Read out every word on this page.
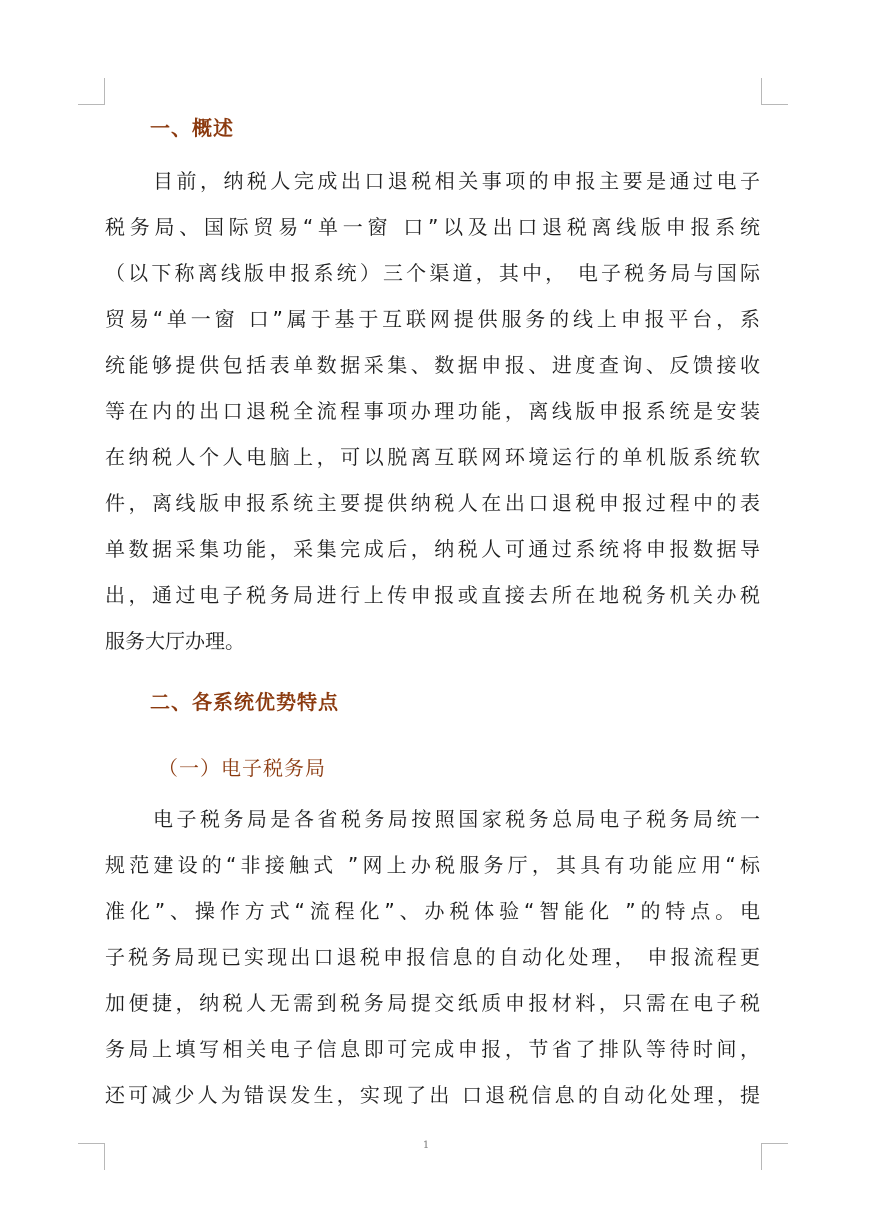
一、概述
目前，纳税人完成出口退税相关事项的申报主要是通过电子
税务局、国际贸易“单一窗 口”以及出口退税离线版申报系统
（以下称离线版申报系统）三个渠道，其中， 电子税务局与国际
贸易“单一窗 口”属于基于互联网提供服务的线上申报平台，系
统能够提供包括表单数据采集、数据申报、进度查询、反馈接收
等在内的出口退税全流程事项办理功能，离线版申报系统是安装
在纳税人个人电脑上，可以脱离互联网环境运行的单机版系统软
件，离线版申报系统主要提供纳税人在出口退税申报过程中的表
单数据采集功能，采集完成后，纳税人可通过系统将申报数据导
出，通过电子税务局进行上传申报或直接去所在地税务机关办税
服务大厅办理。
二、各系统优势特点
（一）电子税务局
电子税务局是各省税务局按照国家税务总局电子税务局统一
规范建设的“非接触式 ”网上办税服务厅，其具有功能应用“标
准化”、操作方式“流程化”、办税体验“智能化 ”的特点。电
子税务局现已实现出口退税申报信息的自动化处理， 申报流程更
加便捷，纳税人无需到税务局提交纸质申报材料，只需在电子税
务局上填写相关电子信息即可完成申报，节省了排队等待时间，
还可减少人为错误发生，实现了出 口退税信息的自动化处理，提
1
